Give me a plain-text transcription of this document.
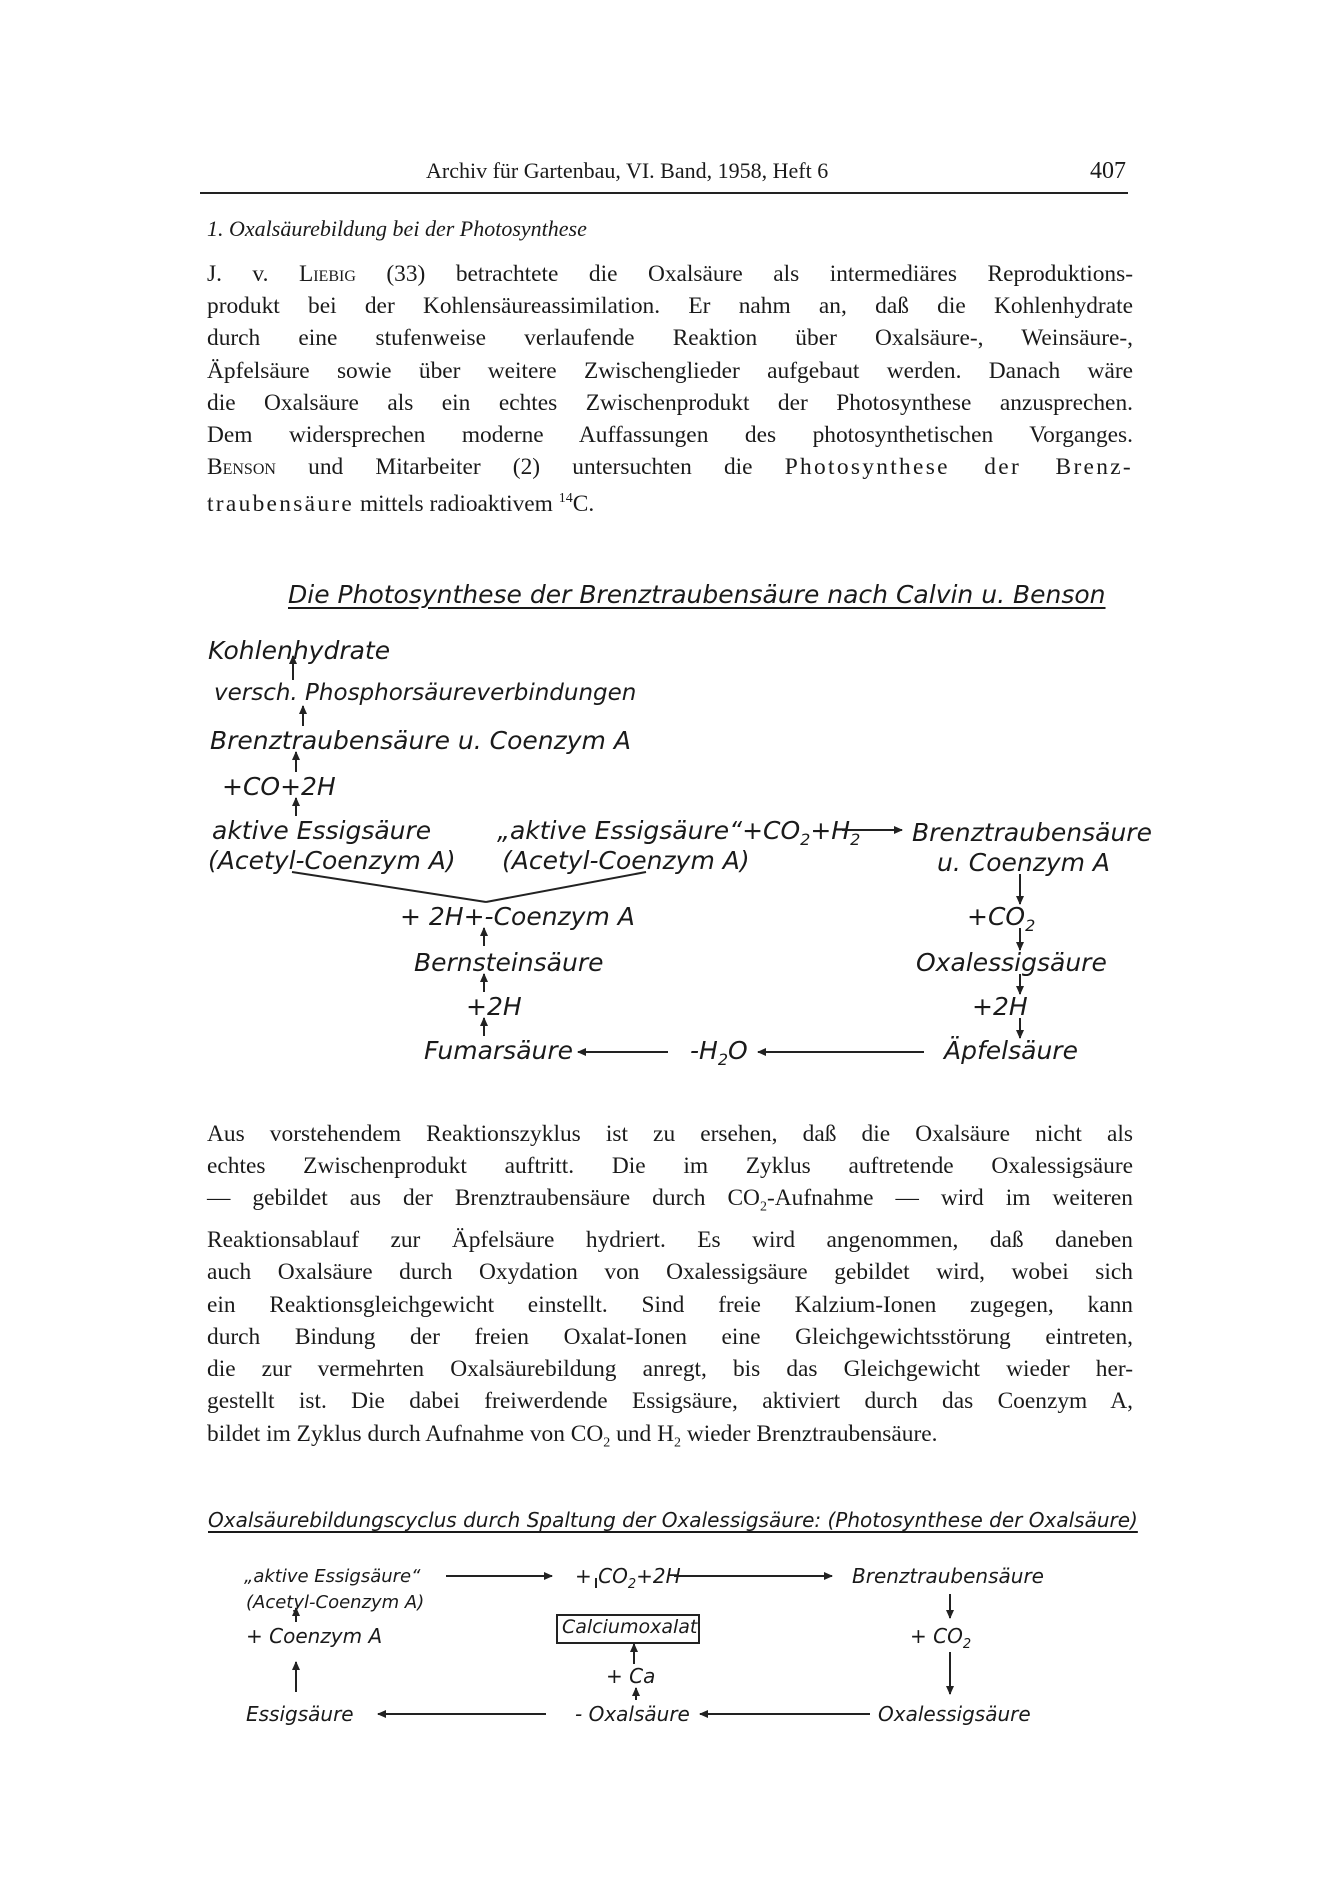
Archiv für Gartenbau, VI. Band, 1958, Heft 6	407
1. Oxalsäurebildung bei der Photosynthese
J. v. Liebig (33) betrachtete die Oxalsäure als intermediäres Reproduktions-
produkt bei der Kohlensäureassimilation. Er nahm an, daß die Kohlenhydrate
durch eine stufenweise verlaufende Reaktion über Oxalsäure-, Weinsäure-,
Äpfelsäure sowie über weitere Zwischenglieder aufgebaut werden. Danach wäre
die Oxalsäure als ein echtes Zwischenprodukt der Photosynthese anzusprechen.
Dem widersprechen moderne Auffassungen des photosynthetischen Vorganges.
Benson und Mitarbeiter (2) untersuchten die Photosynthese der Brenz-
traubensäure mittels radioaktivem $^{14}$C.
Die Photosynthese der Brenztraubensäure nach Calvin u. Benson
Kohlenhydrate
versch. Phosphorsäureverbindungen
Brenztraubensäure u. Coenzym A
+CO+2H
aktive Essigsäure
(Acetyl-Coenzym A)
„aktive $Essigsäure“+CO_2+H_2$
(Acetyl-Coenzym A)
Brenztraubensäure
u. Coenzym A
+ 2H+-Coenzym A
Bernsteinsäure
+2H
Fumarsäure	$-H_2O$
$+CO_2$
Oxalessigsäure
+2H
Äpfelsäure
Aus vorstehendem Reaktionszyklus ist zu ersehen, daß die Oxalsäure nicht als
echtes Zwischenprodukt auftritt. Die im Zyklus auftretende Oxalessigsäure
— gebildet aus der Brenztraubensäure durch $CO_2$-Aufnahme — wird im weiteren
Reaktionsablauf zur Äpfelsäure hydriert. Es wird angenommen, daß daneben
auch Oxalsäure durch Oxydation von Oxalessigsäure gebildet wird, wobei sich
ein Reaktionsgleichgewicht einstellt. Sind freie Kalzium-Ionen zugegen, kann
durch Bindung der freien Oxalat-Ionen eine Gleichgewichtsstörung eintreten,
die zur vermehrten Oxalsäurebildung anregt, bis das Gleichgewicht wieder her-
gestellt ist. Die dabei freiwerdende Essigsäure, aktiviert durch das Coenzym A,
bildet im Zyklus durch Aufnahme von $CO_2$ und $H_2$ wieder Brenztraubensäure.
Oxalsäurebildungscyclus durch Spaltung der Oxalessigsäure: (Photosynthese der Oxalsäure)
„aktive Essigsäure“
(Acetyl-Coenzym A)
+ Coenzym A
Essigsäure
+ $CO_2+2H$
Calciumoxalat
+ Ca
- Oxalsäure
Brenztraubensäure
+ $CO_2$
Oxalessigsäure
